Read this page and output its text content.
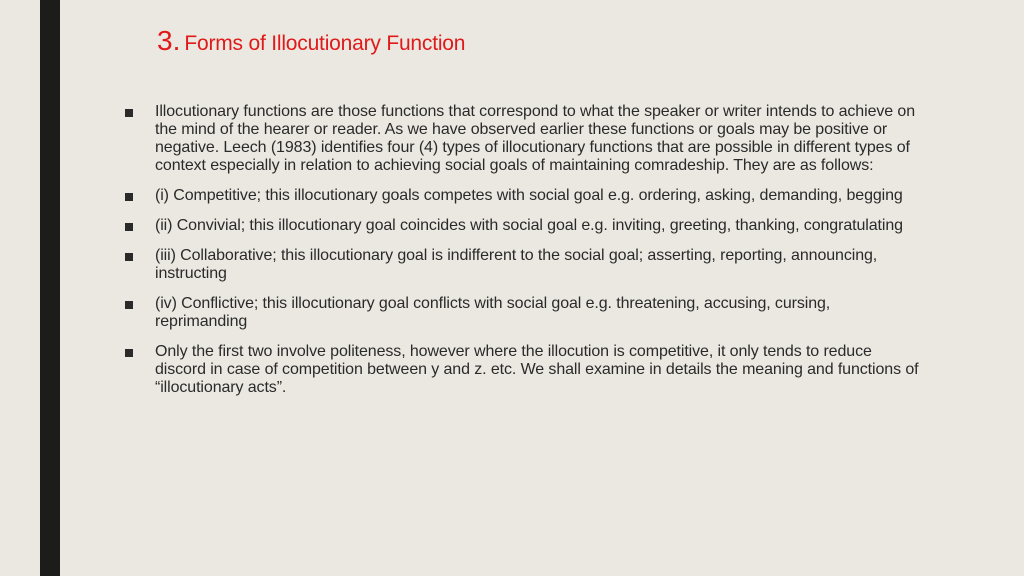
3. Forms of Illocutionary Function
Illocutionary functions are those functions that correspond to what the speaker or writer intends to achieve on the mind of the hearer or reader. As we have observed earlier these functions or goals may be positive or negative. Leech (1983) identifies four (4) types of illocutionary functions that are possible in different types of context especially in relation to achieving social goals of maintaining comradeship. They are as follows:
(i) Competitive; this illocutionary goals competes with social goal e.g. ordering, asking, demanding, begging
(ii) Convivial; this illocutionary goal coincides with social goal e.g. inviting, greeting, thanking, congratulating
(iii) Collaborative; this illocutionary goal is indifferent to the social goal; asserting, reporting, announcing, instructing
(iv) Conflictive; this illocutionary goal conflicts with social goal e.g. threatening, accusing, cursing, reprimanding
Only the first two involve politeness, however where the illocution is competitive, it only tends to reduce discord in case of competition between y and z. etc. We shall examine in details the meaning and functions of “illocutionary acts”.
